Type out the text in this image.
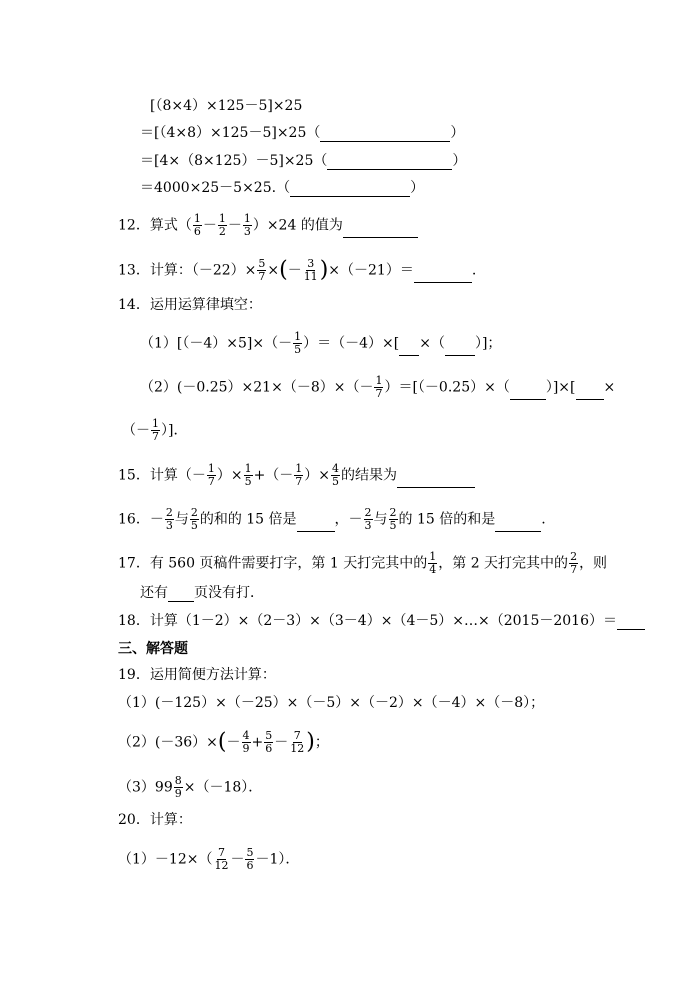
[（8×4）×125－5]×25
＝[（4×8）×125－5]×25（	）
＝[4×（8×125）－5]×25（	）
＝4000×25－5×25.（	）
12．算式（ $\frac{1}{6} - \frac{1}{2} - \frac{1}{3} )\times 24$ 的值为
13．计算：$(-22)\times \frac{5}{7}$ ×(－ $\frac{3}{11} )\times(-21)=$	.
14．运用运算律填空：
$(1)[(-4)\times 5]\times(- \frac{1}{5} )=(-4)\times$[ ×（ ）]；
$(2)(-0.25)\times 21\times(-8)\times(- \frac{1}{7} )=[(-0.25)\times$（	）]×[ ×
（－ $\frac{1}{7}$ ）]．
15．计算（－ $\frac{1}{7}$ ）× $\frac{1}{5}$ +（－ $\frac{1}{7}$ ）× $\frac{4}{5}$ 的结果为
16．－ $\frac{2}{3}$ 与 $\frac{2}{5}$ 的和的 15 倍是	，－ $\frac{2}{3}$ 与 $\frac{2}{5}$ 的 15 倍的和是	.
17．有 560 页稿件需要打字，第 1 天打完其中的 $\frac{1}{4}$ ，第 2 天打完其中的 $\frac{2}{7}$ ，则
还有 页没有打．
18．计算（1－2）×（2－3）×（3－4）×（4－5）×…×（2015－2016）＝
三、解答题
19．运用简便方法计算：
（1）(－125）×（－25）×（－5）×（－2）×（－4）×（－8）；
$(2)(-36)\times(- \frac{4}{9} + \frac{5}{6} - \frac{7}{12}$ )；
$(3)99 \frac{8}{9} \times(-18)$．
20．计算：
$(1)-12\times( \frac{7}{12} - \frac{5}{6} -1)$．
